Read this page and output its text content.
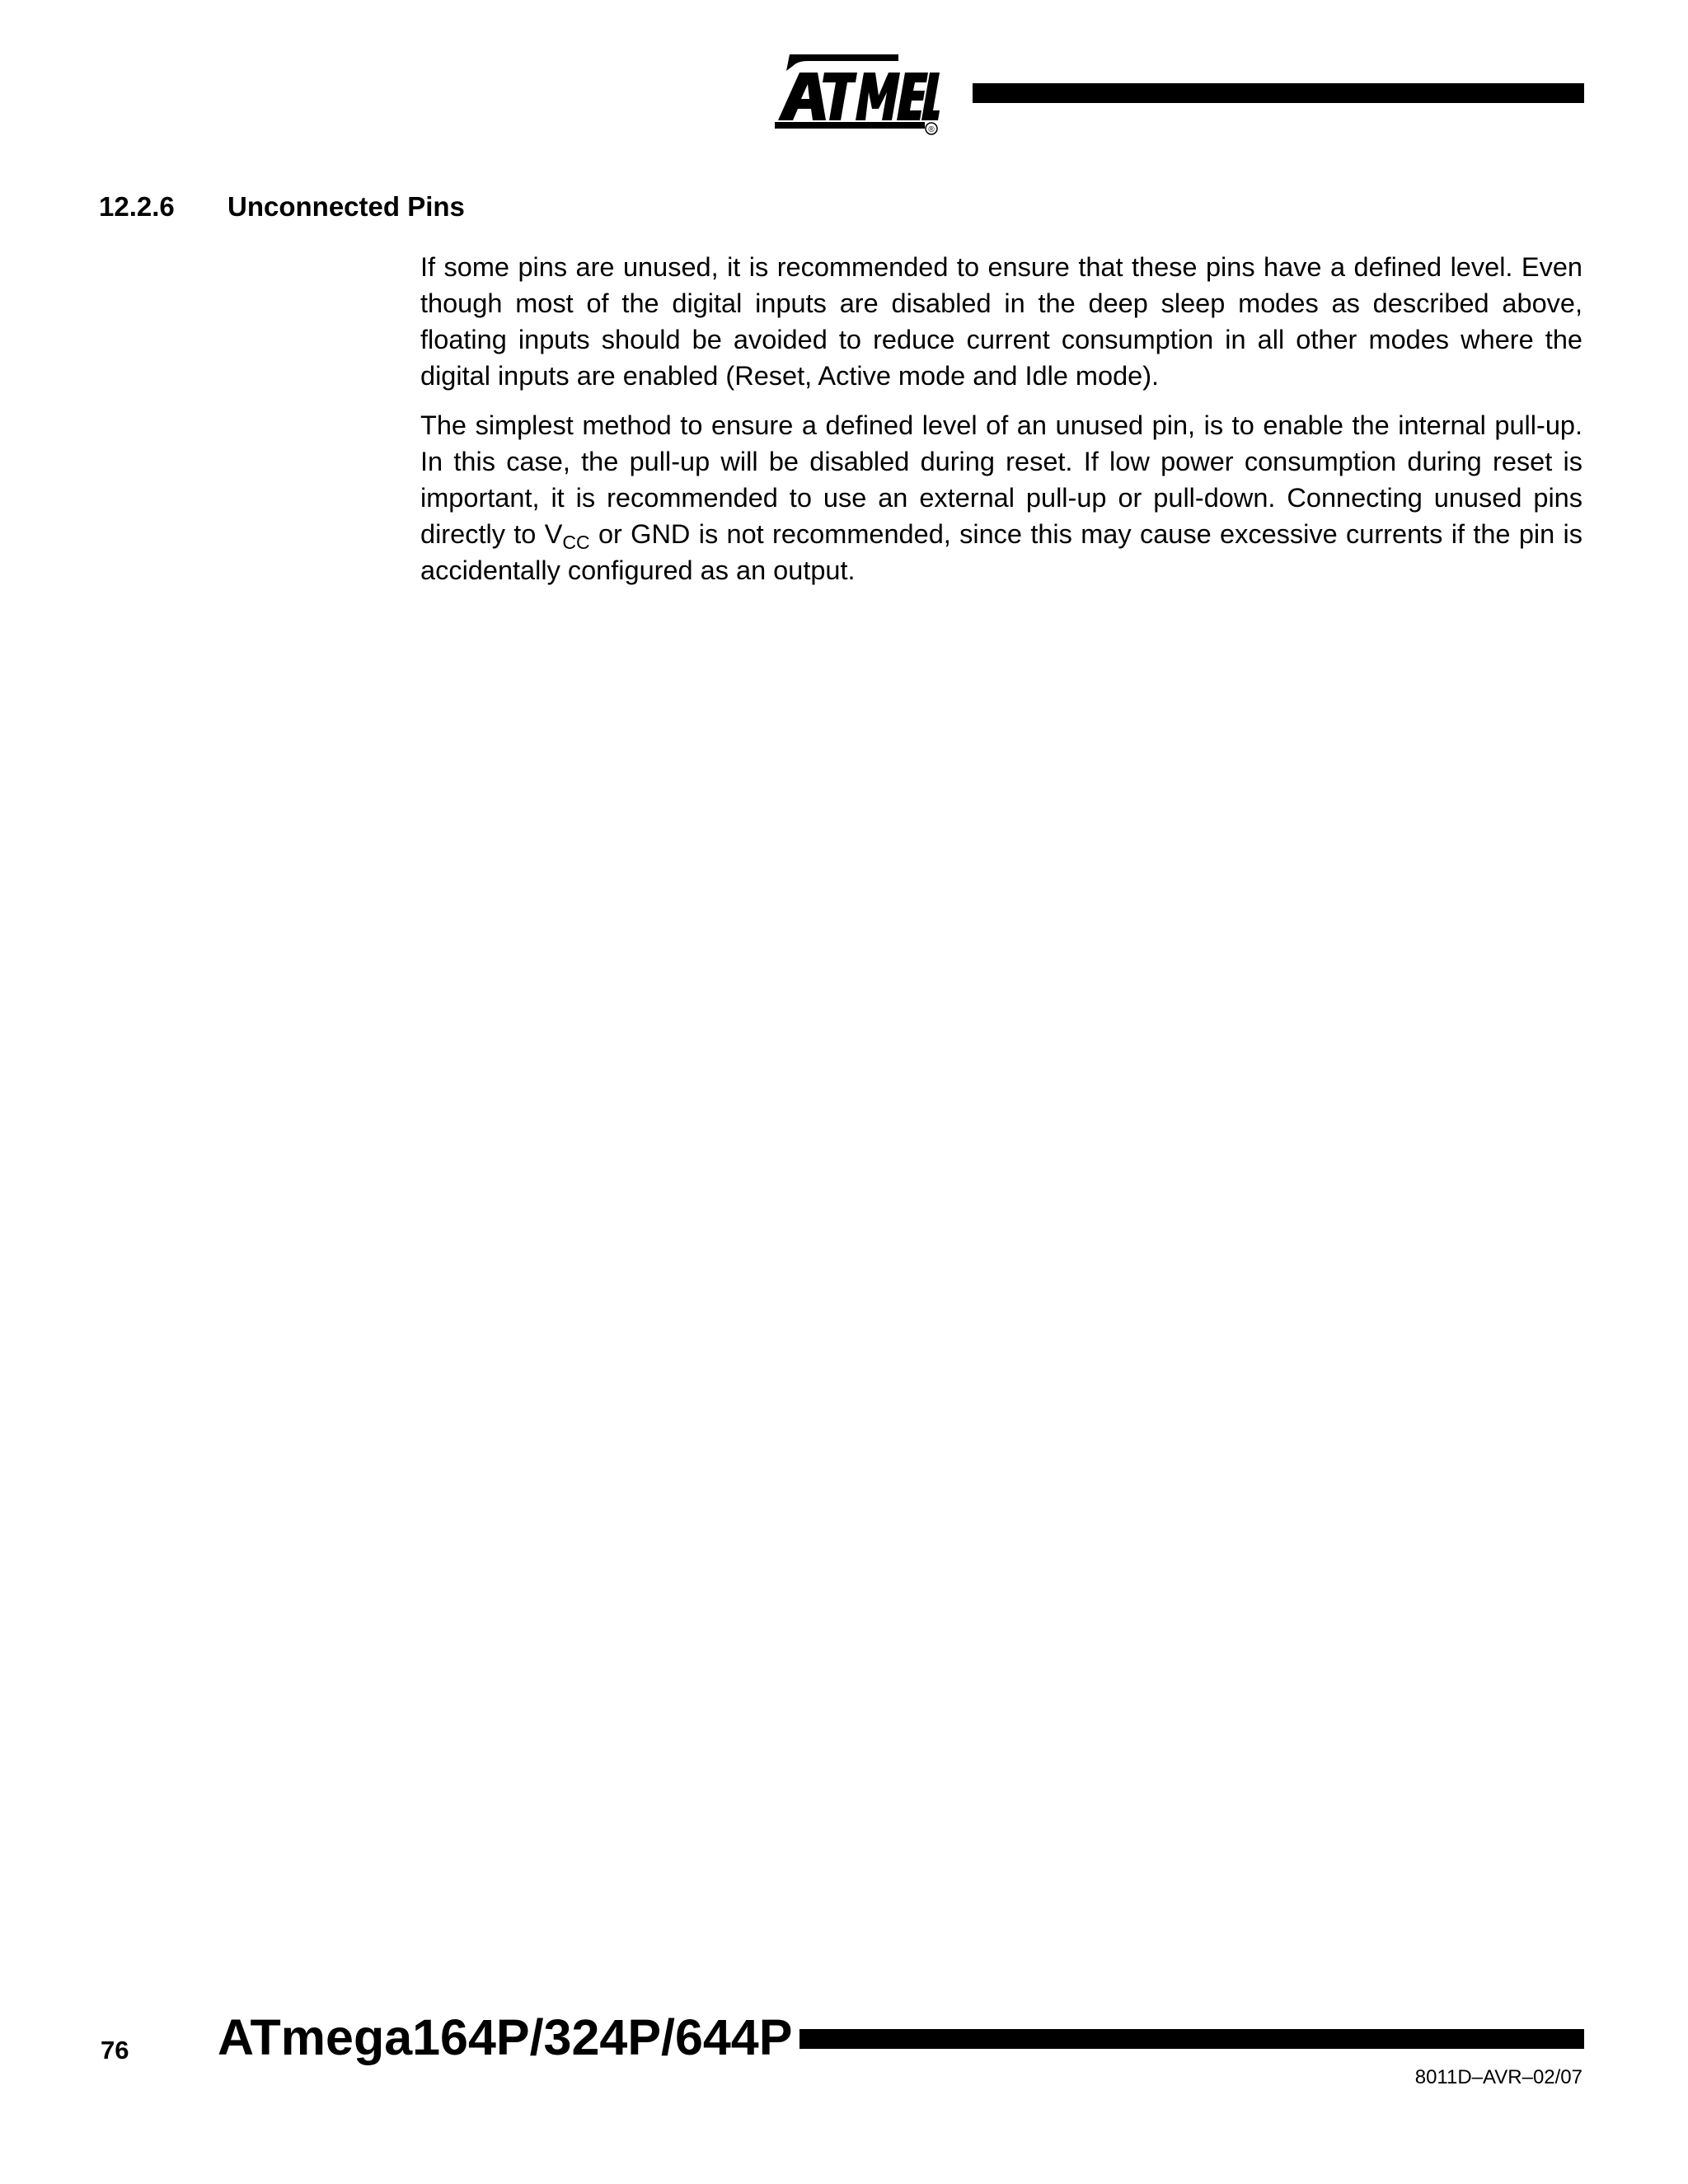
®
12.2.6 Unconnected Pins

If some pins are unused, it is recommended to ensure that these pins have a defined level. Even though most of the digital inputs are disabled in the deep sleep modes as described above, floating inputs should be avoided to reduce current consumption in all other modes where the digital inputs are enabled (Reset, Active mode and Idle mode).

The simplest method to ensure a defined level of an unused pin, is to enable the internal pull-up. In this case, the pull-up will be disabled during reset. If low power consumption during reset is important, it is recommended to use an external pull-up or pull-down. Connecting unused pins directly to $V_{CC}$ or GND is not recommended, since this may cause excessive currents if the pin is accidentally configured as an output.

76 ATmega164P/324P/644P
8011D–AVR–02/07
